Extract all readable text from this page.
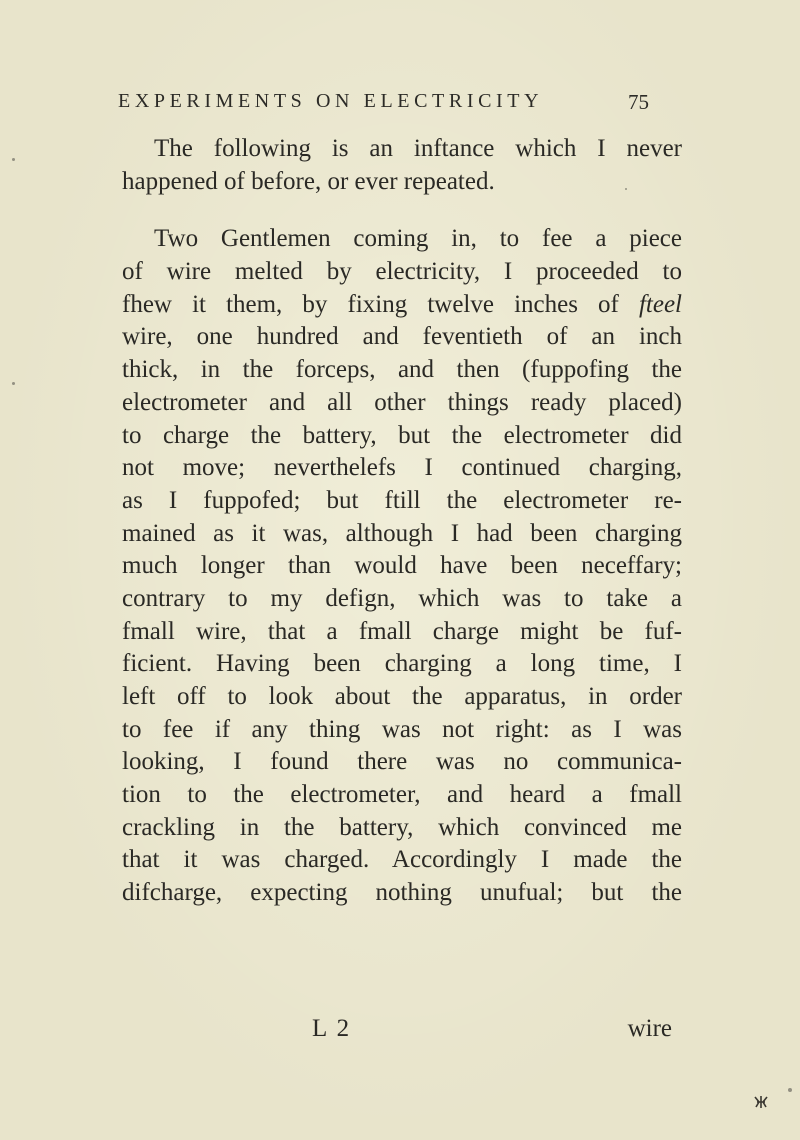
EXPERIMENTS ON ELECTRICITY	75
The following is an inftance which I never
happened of before, or ever repeated.
Two Gentlemen coming in, to fee a piece
of wire melted by electricity, I proceeded to
fhew it them, by fixing twelve inches of fteel
wire, one hundred and feventieth of an inch
thick, in the forceps, and then (fuppofing the
electrometer and all other things ready placed)
to charge the battery, but the electrometer did
not move; neverthelefs I continued charging,
as I fuppofed; but ftill the electrometer re-
mained as it was, although I had been charging
much longer than would have been neceffary;
contrary to my defign, which was to take a
fmall wire, that a fmall charge might be fuf-
ficient. Having been charging a long time, I
left off to look about the apparatus, in order
to fee if any thing was not right: as I was
looking, I found there was no communica-
tion to the electrometer, and heard a fmall
crackling in the battery, which convinced me
that it was charged. Accordingly I made the
difcharge, expecting nothing unufual; but the
L 2	wire
